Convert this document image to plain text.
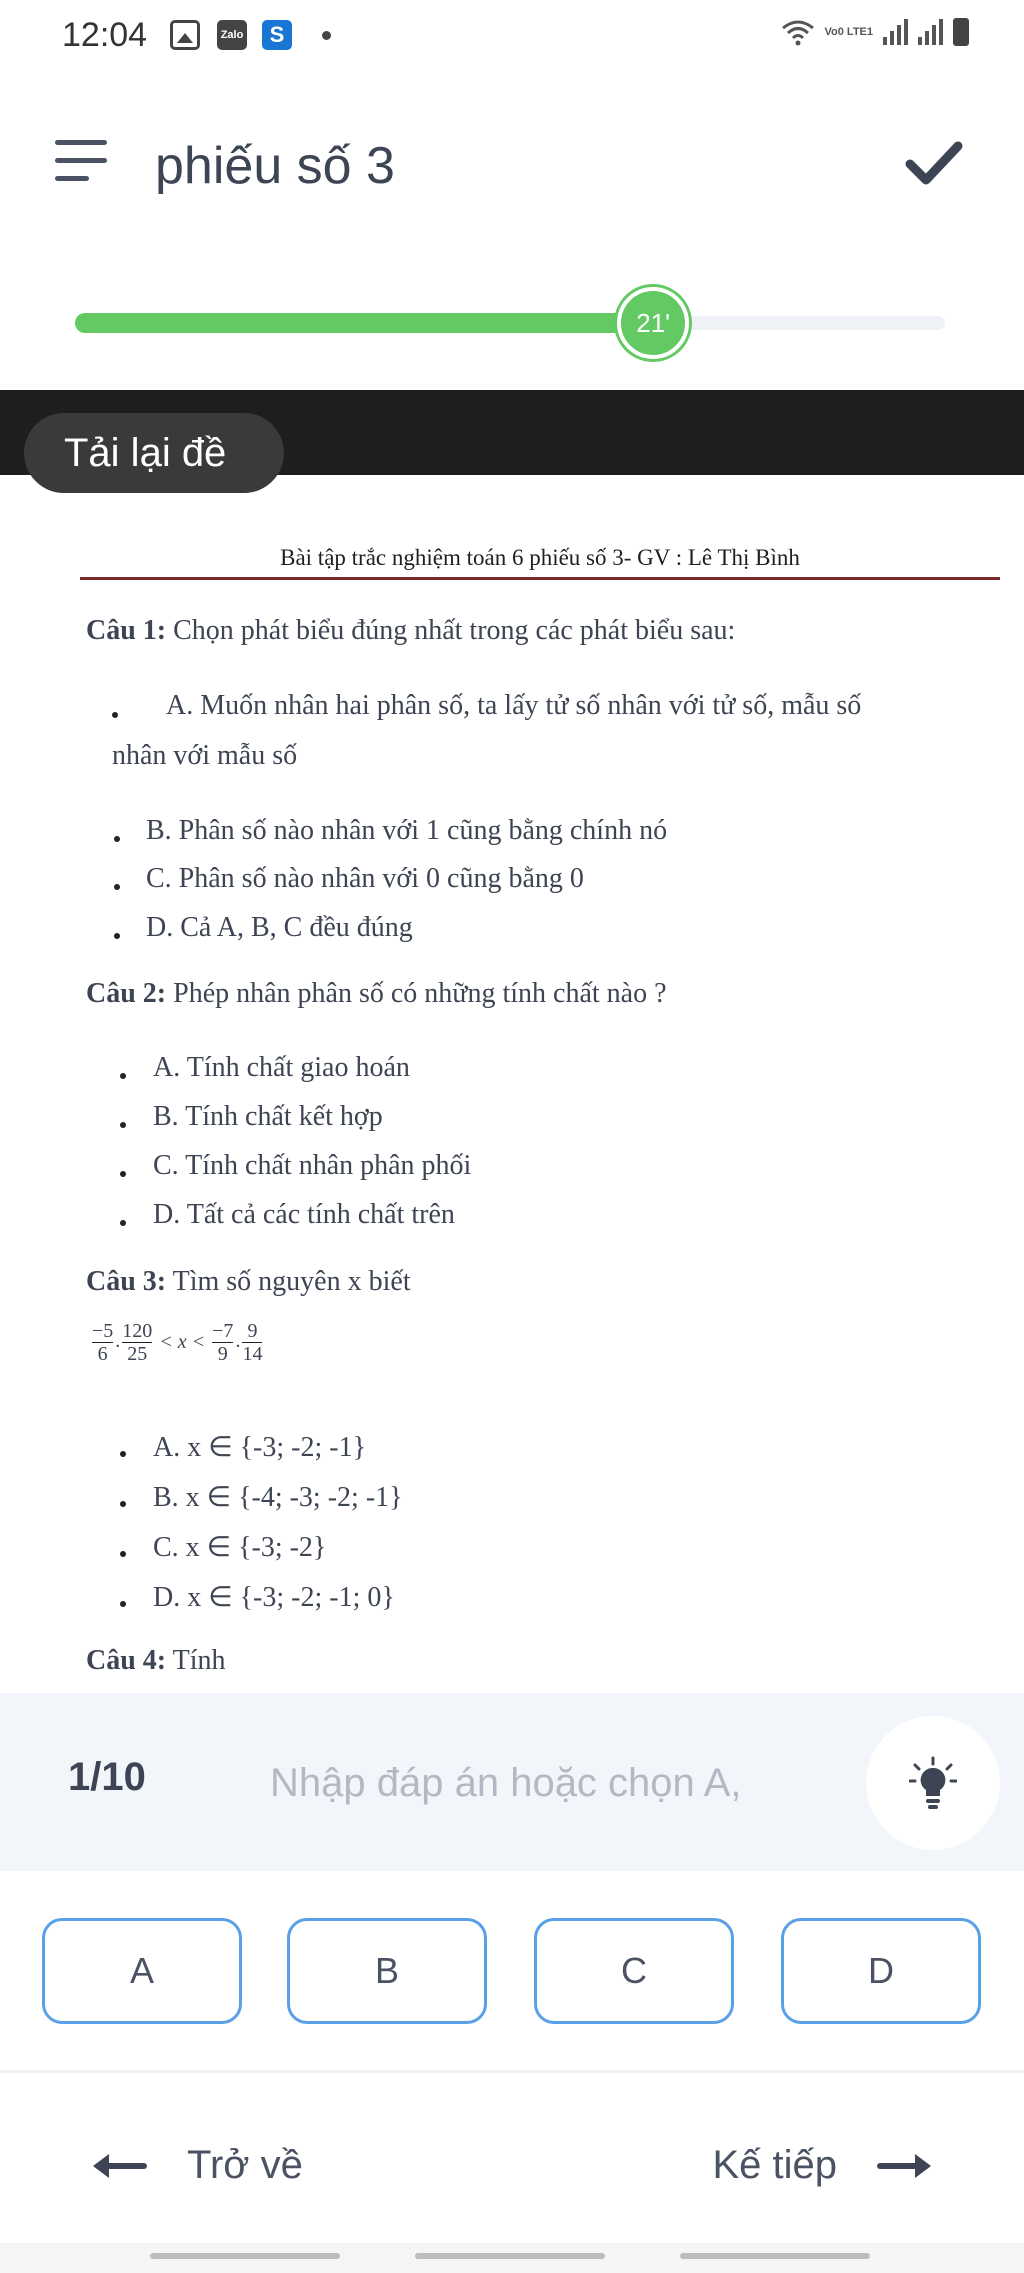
12:04	Zalo	S	Vo0 LTE1
phiếu số 3
21'
Tải lại đề
Bài tập trắc nghiệm toán 6 phiếu số 3- GV : Lê Thị Bình
Câu 1: Chọn phát biểu đúng nhất trong các phát biểu sau:
A. Muốn nhân hai phân số, ta lấy tử số nhân với tử số, mẫu số
nhân với mẫu số
B. Phân số nào nhân với 1 cũng bằng chính nó
C. Phân số nào nhân với 0 cũng bằng 0
D. Cả A, B, C đều đúng
Câu 2: Phép nhân phân số có những tính chất nào ?
A. Tính chất giao hoán
B. Tính chất kết hợp
C. Tính chất nhân phân phối
D. Tất cả các tính chất trên
Câu 3: Tìm số nguyên x biết
$\frac{-5}{6}$ . $\frac{120}{25} < x < \frac{-7}{9}$ . $\frac{9}{14}$
A. x ∈ {-3; -2; -1}
B. x ∈ {-4; -3; -2; -1}
C. x ∈ {-3; -2}
D. x ∈ {-3; -2; -1; 0}
Câu 4: Tính
1/10
Nhập đáp án hoặc chọn A,
A	B	C	D
Trở về	Kế tiếp
